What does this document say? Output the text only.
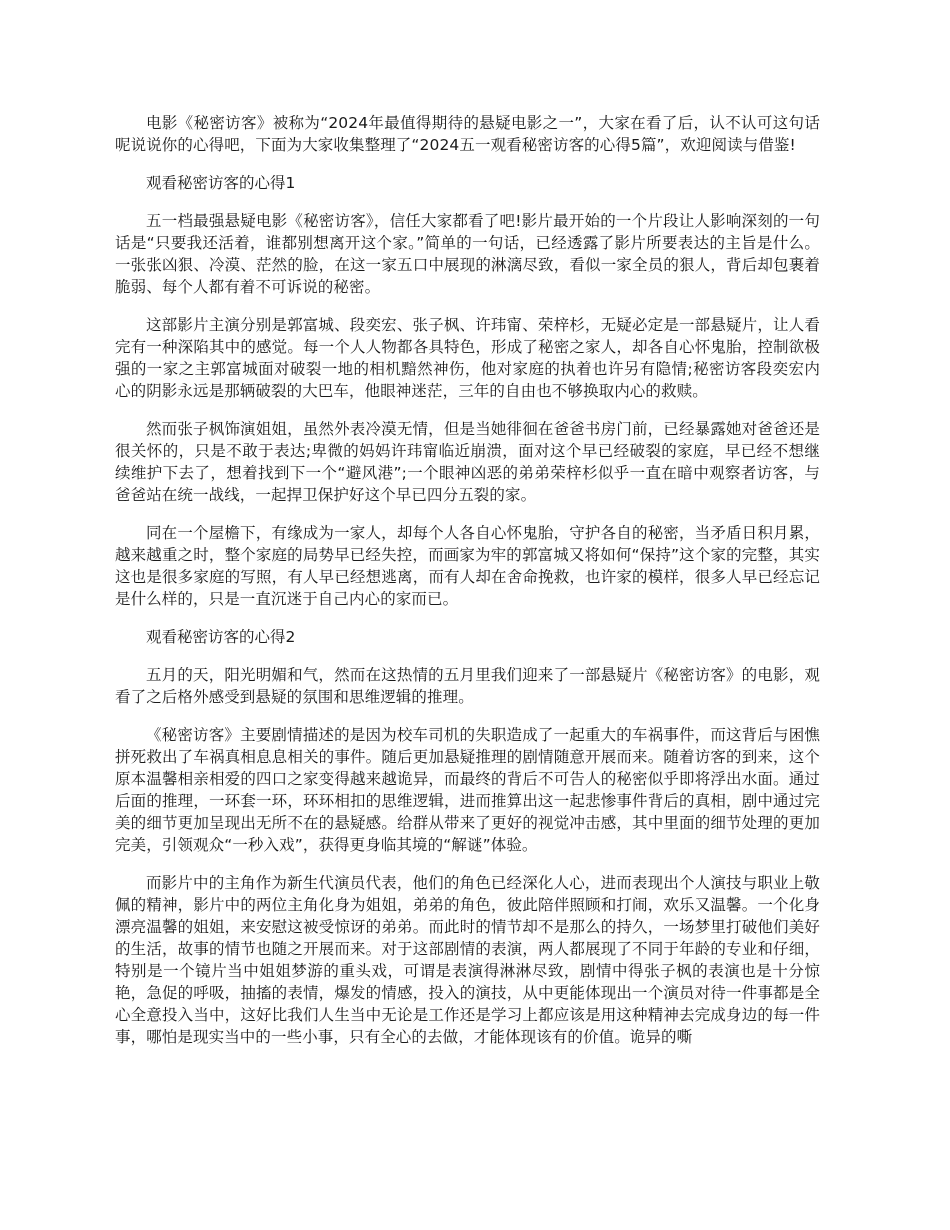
电影《秘密访客》被称为“2024年最值得期待的悬疑电影之一”，大家在看了后，认不认可这句话呢说说你的心得吧，下面为大家收集整理了“2024五一观看秘密访客的心得5篇”，欢迎阅读与借鉴!

观看秘密访客的心得1

五一档最强悬疑电影《秘密访客》，信任大家都看了吧!影片最开始的一个片段让人影响深刻的一句话是“只要我还活着，谁都别想离开这个家。”简单的一句话，已经透露了影片所要表达的主旨是什么。一张张凶狠、冷漠、茫然的脸，在这一家五口中展现的淋漓尽致，看似一家全员的狠人，背后却包裹着脆弱、每个人都有着不可诉说的秘密。

这部影片主演分别是郭富城、段奕宏、张子枫、许玮甯、荣梓杉，无疑必定是一部悬疑片，让人看完有一种深陷其中的感觉。每一个人人物都各具特色，形成了秘密之家人，却各自心怀鬼胎，控制欲极强的一家之主郭富城面对破裂一地的相机黯然神伤，他对家庭的执着也许另有隐情;秘密访客段奕宏内心的阴影永远是那辆破裂的大巴车，他眼神迷茫，三年的自由也不够换取内心的救赎。

然而张子枫饰演姐姐，虽然外表冷漠无情，但是当她徘徊在爸爸书房门前，已经暴露她对爸爸还是很关怀的，只是不敢于表达;卑微的妈妈许玮甯临近崩溃，面对这个早已经破裂的家庭，早已经不想继续维护下去了，想着找到下一个“避风港”;一个眼神凶恶的弟弟荣梓杉似乎一直在暗中观察者访客，与爸爸站在统一战线，一起捍卫保护好这个早已四分五裂的家。

同在一个屋檐下，有缘成为一家人，却每个人各自心怀鬼胎，守护各自的秘密，当矛盾日积月累，越来越重之时，整个家庭的局势早已经失控，而画家为牢的郭富城又将如何“保持”这个家的完整，其实这也是很多家庭的写照，有人早已经想逃离，而有人却在舍命挽救，也许家的模样，很多人早已经忘记是什么样的，只是一直沉迷于自己内心的家而已。

观看秘密访客的心得2

五月的天，阳光明媚和气，然而在这热情的五月里我们迎来了一部悬疑片《秘密访客》的电影，观看了之后格外感受到悬疑的氛围和思维逻辑的推理。

《秘密访客》主要剧情描述的是因为校车司机的失职造成了一起重大的车祸事件，而这背后与困憔拼死救出了车祸真相息息相关的事件。随后更加悬疑推理的剧情随意开展而来。随着访客的到来，这个原本温馨相亲相爱的四口之家变得越来越诡异，而最终的背后不可告人的秘密似乎即将浮出水面。通过后面的推理，一环套一环，环环相扣的思维逻辑，进而推算出这一起悲惨事件背后的真相，剧中通过完美的细节更加呈现出无所不在的悬疑感。给群从带来了更好的视觉冲击感，其中里面的细节处理的更加完美，引领观众“一秒入戏”，获得更身临其境的“解谜”体验。

而影片中的主角作为新生代演员代表，他们的角色已经深化人心，进而表现出个人演技与职业上敬佩的精神，影片中的两位主角化身为姐姐，弟弟的角色，彼此陪伴照顾和打闹，欢乐又温馨。一个化身漂亮温馨的姐姐，来安慰这被受惊讶的弟弟。而此时的情节却不是那么的持久，一场梦里打破他们美好的生活，故事的情节也随之开展而来。对于这部剧情的表演，两人都展现了不同于年龄的专业和仔细，特别是一个镜片当中姐姐梦游的重头戏，可谓是表演得淋淋尽致，剧情中得张子枫的表演也是十分惊艳，急促的呼吸，抽搐的表情，爆发的情感，投入的演技，从中更能体现出一个演员对待一件事都是全心全意投入当中，这好比我们人生当中无论是工作还是学习上都应该是用这种精神去完成身边的每一件事，哪怕是现实当中的一些小事，只有全心的去做，才能体现该有的价值。诡异的嘶
